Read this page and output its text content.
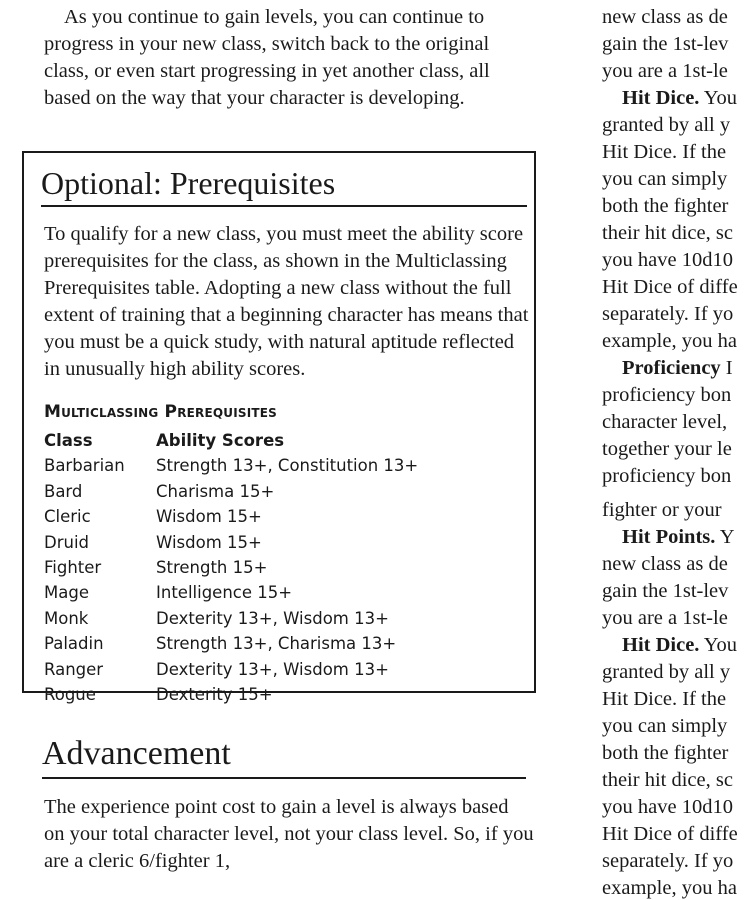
As you continue to gain levels, you can continue to progress in your new class, switch back to the original class, or even start progressing in yet another class, all based on the way that your character is developing.

Optional: Prerequisites

To qualify for a new class, you must meet the ability score prerequisites for the class, as shown in the Multiclassing Prerequisites table. Adopting a new class without the full extent of training that a beginning character has means that you must be a quick study, with natural aptitude reflected in unusually high ability scores.

Multiclassing Prerequisites
Class	Ability Scores
Barbarian	Strength 13+, Constitution 13+
Bard	Charisma 15+
Cleric	Wisdom 15+
Druid	Wisdom 15+
Fighter	Strength 15+
Mage	Intelligence 15+
Monk	Dexterity 13+, Wisdom 13+
Paladin	Strength 13+, Charisma 13+
Ranger	Dexterity 13+, Wisdom 13+
Rogue	Dexterity 15+
Advancement

The experience point cost to gain a level is always based on your total character level, not your class level. So, if you are a cleric 6/fighter 1,

new class as de
gain the 1st-lev
you are a 1st-le
Hit Dice. You
granted by all y
Hit Dice. If the
you can simply
both the fighter
their hit dice, sc
you have 10d10
Hit Dice of diffe
separately. If yo
example, you ha
Proficiency I
proficiency bon
character level,
together your le
proficiency bon
fighter or your
Hit Points. Y
new class as de
gain the 1st-lev
you are a 1st-le
Hit Dice. You
granted by all y
Hit Dice. If the
you can simply
both the fighter
their hit dice, sc
you have 10d10
Hit Dice of diffe
separately. If yo
example, you ha
